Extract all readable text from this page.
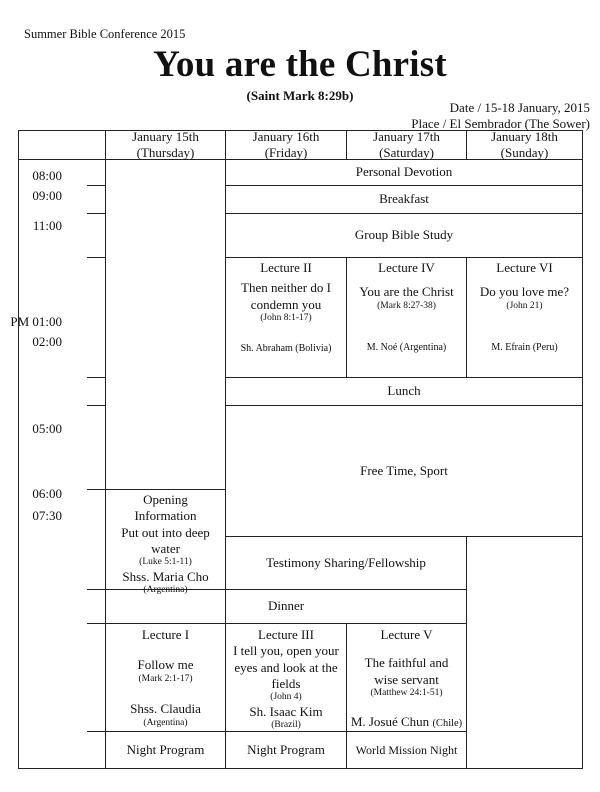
Summer Bible Conference 2015
You are the Christ
(Saint Mark 8:29b)
Date / 15-18 January, 2015
Place / El Sembrador (The Sower)
January 15th
(Thursday)
January 16th
(Friday)
January 17th
(Saturday)
January 18th
(Sunday)
08:00
09:00
11:00
PM 01:00
02:00
05:00
06:00
07:30
Personal Devotion
Breakfast
Group Bible Study
Lunch
Free Time, Sport
Testimony Sharing/Fellowship
Dinner
Opening
Information
Put out into deep
water
(Luke 5:1-11)
Shss. Maria Cho
(Argentina)
Lecture II
Then neither do I
condemn you
(John 8:1-17)
Sh. Abraham (Bolivia)
Lecture IV
You are the Christ
(Mark 8:27-38)
M. Noé (Argentina)
Lecture VI
Do you love me?
(John 21)
M. Efrain (Peru)
Lecture I
Follow me
(Mark 2:1-17)
Shss. Claudia
(Argentina)
Lecture III
I tell you, open your
eyes and look at the
fields
(John 4)
Sh. Isaac Kim
(Brazil)
Lecture V
The faithful and
wise servant
(Matthew 24:1-51)
M. Josué Chun (Chile)
Night Program	Night Program	World Mission Night
